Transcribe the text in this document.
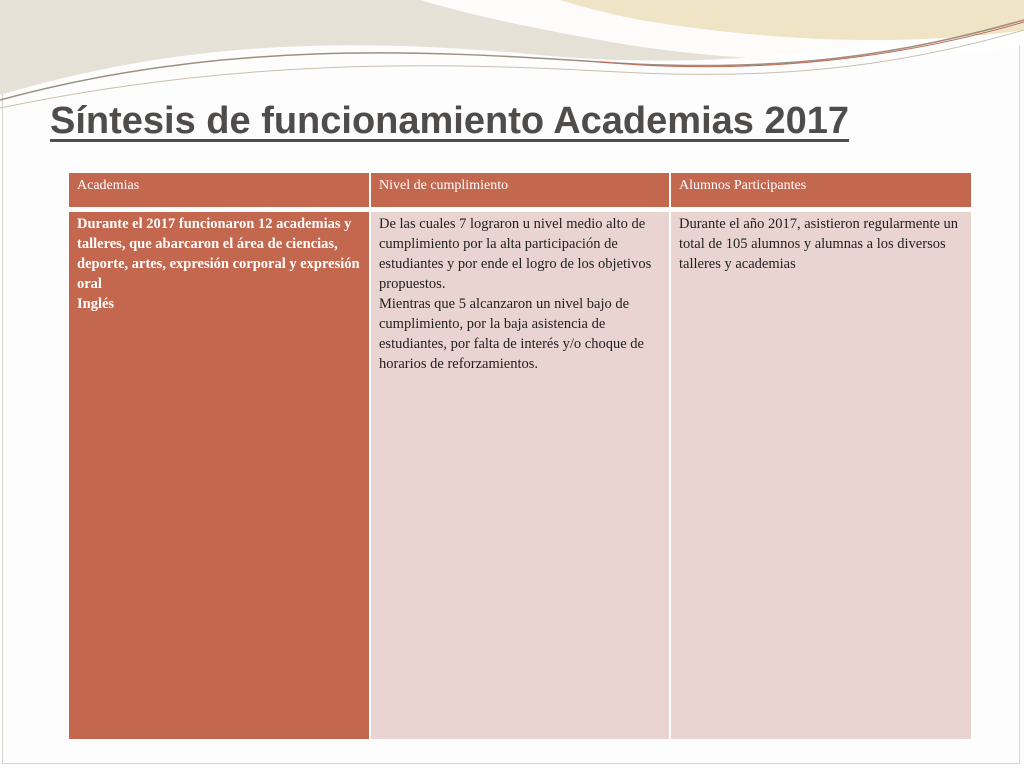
Síntesis de funcionamiento Academias 2017
Academias	Nivel de cumplimiento	Alumnos Participantes

Durante el 2017 funcionaron 12 academias y talleres, que abarcaron el área de ciencias, deporte, artes, expresión corporal y expresión oral

Inglés

De las cuales 7 lograron u nivel medio alto de cumplimiento por la alta participación de estudiantes y por ende el logro de los objetivos propuestos.

Mientras que 5 alcanzaron un nivel bajo de cumplimiento, por la baja asistencia de estudiantes, por falta de interés y/o choque de horarios de reforzamientos.

Durante el año 2017, asistieron regularmente un total de 105 alumnos y alumnas a los diversos talleres y academias
